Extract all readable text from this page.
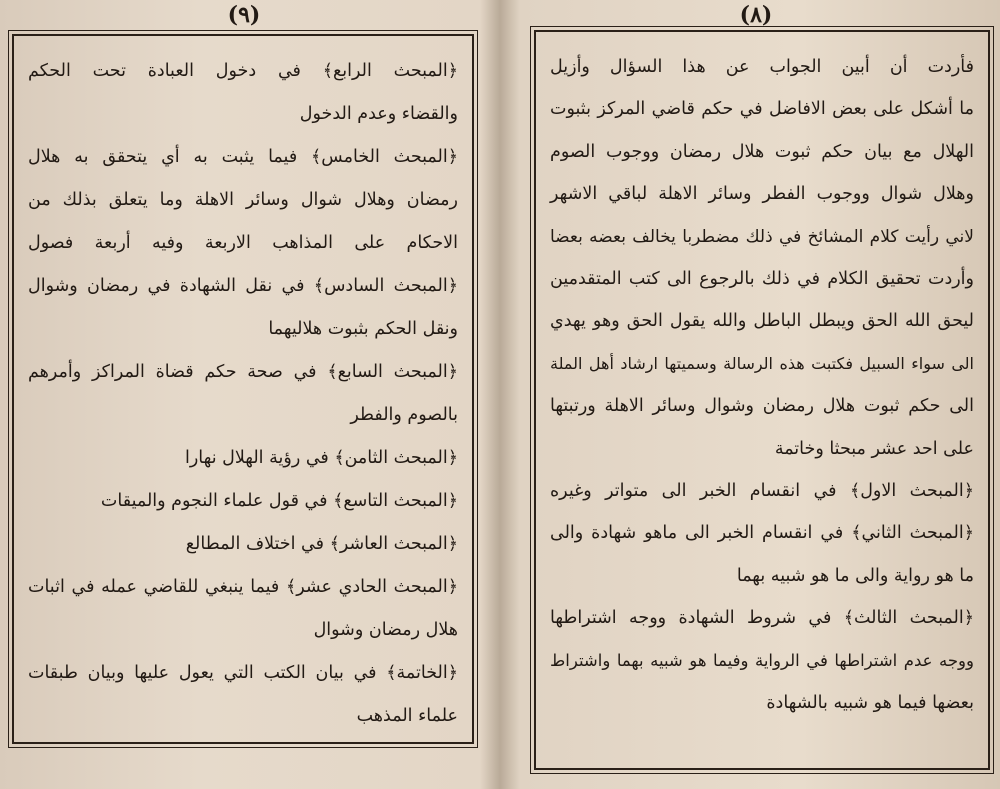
(٩)
﴿المبحث الرابع﴾ في دخول العبادة تحت الحكم
والقضاء وعدم الدخول
﴿المبحث الخامس﴾ فيما يثبت به أي يتحقق به هلال
رمضان وهلال شوال وسائر الاهلة وما يتعلق بذلك من
الاحكام على المذاهب الاربعة وفيه أربعة فصول
﴿المبحث السادس﴾ في نقل الشهادة في رمضان وشوال
ونقل الحكم بثبوت هلاليهما
﴿المبحث السابع﴾ في صحة حكم قضاة المراكز وأمرهم
بالصوم والفطر
﴿المبحث الثامن﴾ في رؤية الهلال نهارا
﴿المبحث التاسع﴾ في قول علماء النجوم والميقات
﴿المبحث العاشر﴾ في اختلاف المطالع
﴿المبحث الحادي عشر﴾ فيما ينبغي للقاضي عمله في اثبات
هلال رمضان وشوال
﴿الخاتمة﴾ في بيان الكتب التي يعول عليها وبيان طبقات
علماء المذهب
(٨)
فأردت أن أبين الجواب عن هذا السؤال وأزيل
ما أشكل على بعض الافاضل في حكم قاضي المركز بثبوت
الهلال مع بيان حكم ثبوت هلال رمضان ووجوب الصوم
وهلال شوال ووجوب الفطر وسائر الاهلة لباقي الاشهر
لاني رأيت كلام المشائخ في ذلك مضطربا يخالف بعضه بعضا
وأردت تحقيق الكلام في ذلك بالرجوع الى كتب المتقدمين
ليحق الله الحق ويبطل الباطل والله يقول الحق وهو يهدي
الى سواء السبيل فكتبت هذه الرسالة وسميتها ارشاد أهل الملة
الى حكم ثبوت هلال رمضان وشوال وسائر الاهلة ورتبتها
على احد عشر مبحثا وخاتمة
﴿المبحث الاول﴾ في انقسام الخبر الى متواتر وغيره
﴿المبحث الثاني﴾ في انقسام الخبر الى ماهو شهادة والى
ما هو رواية والى ما هو شبيه بهما
﴿المبحث الثالث﴾ في شروط الشهادة ووجه اشتراطها
ووجه عدم اشتراطها في الرواية وفيما هو شبيه بهما واشتراط
بعضها فيما هو شبيه بالشهادة
